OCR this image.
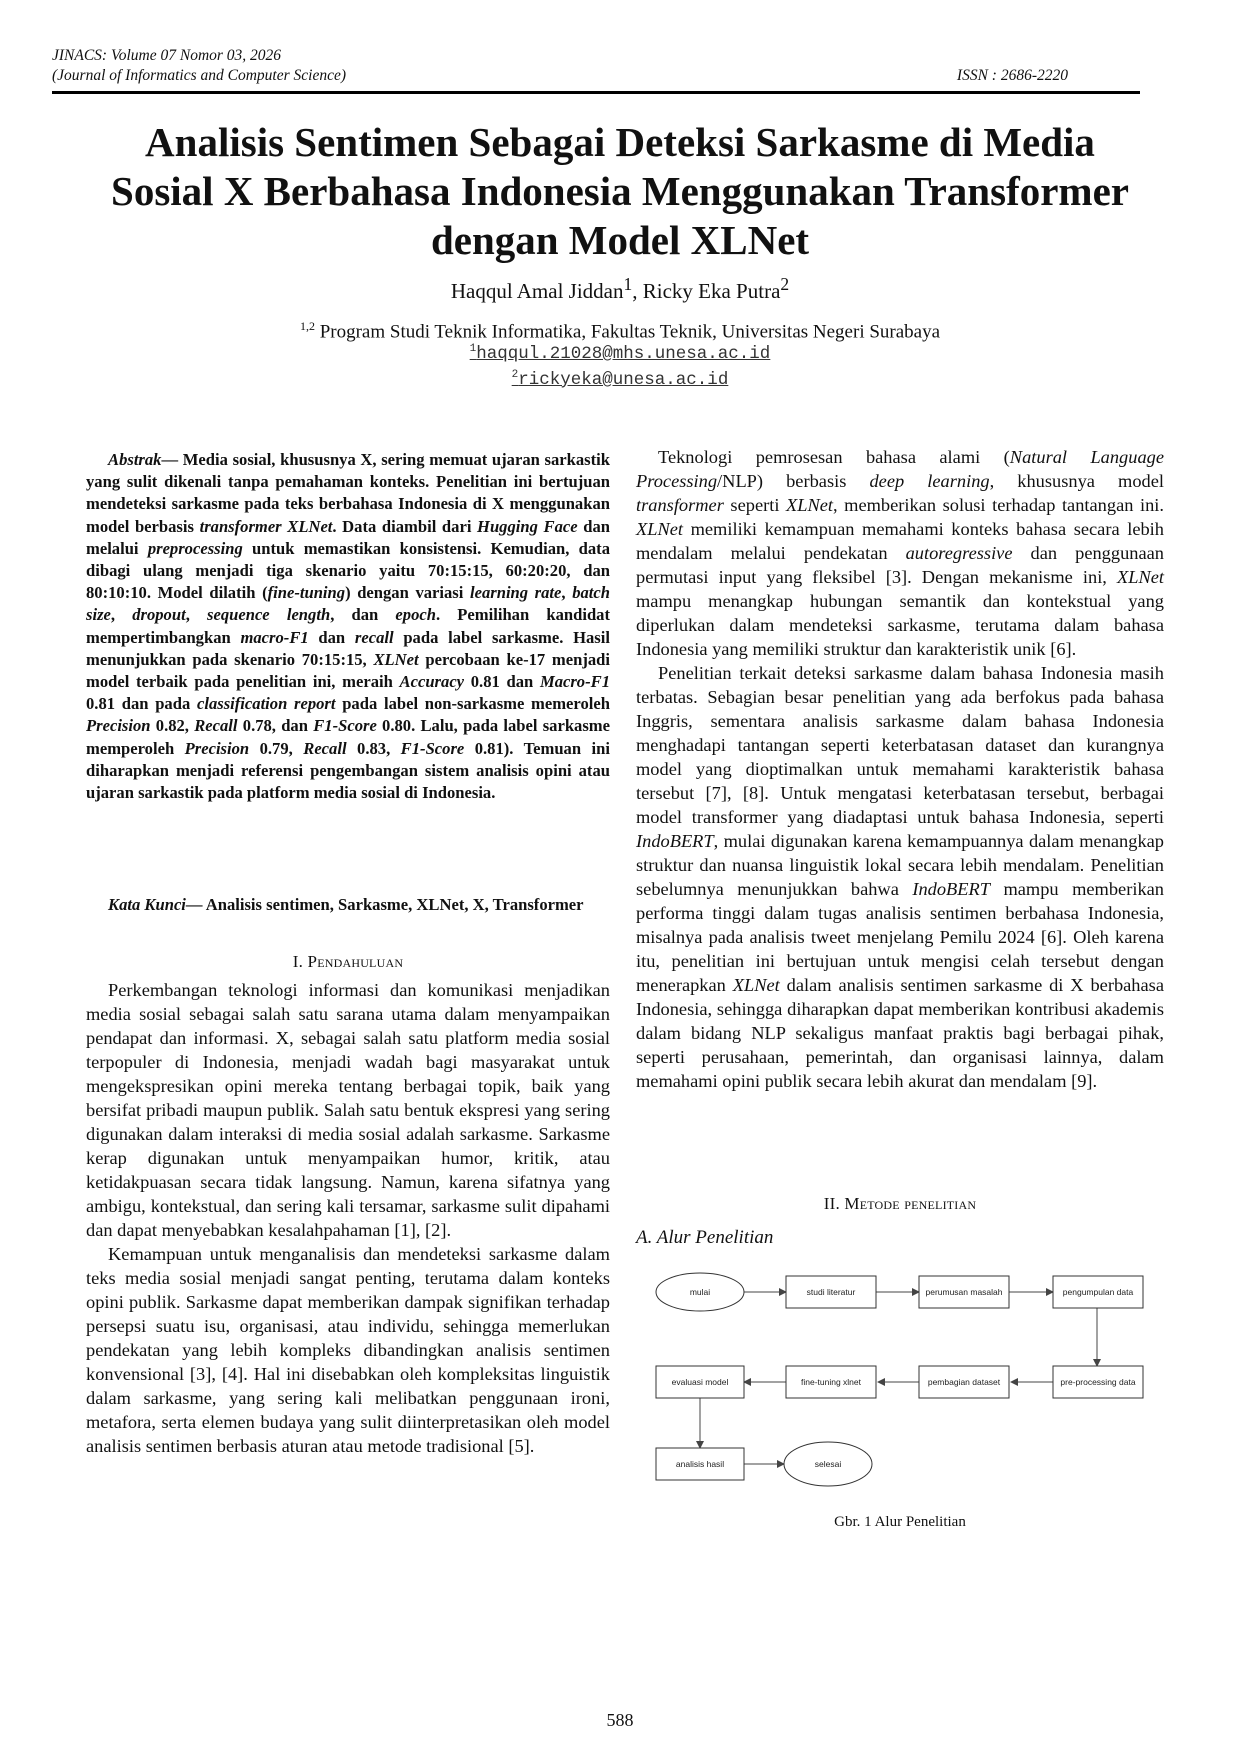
JINACS: Volume 07 Nomor 03, 2026
(Journal of Informatics and Computer Science)	ISSN : 2686-2220
Analisis Sentimen Sebagai Deteksi Sarkasme di Media
Sosial X Berbahasa Indonesia Menggunakan Transformer
dengan Model XLNet
Haqqul Amal Jiddan$^1$, Ricky Eka Putra$^2$
$^{1,2}$ Program Studi Teknik Informatika, Fakultas Teknik, Universitas Negeri Surabaya
$^1$haqqul.21028@mhs.unesa.ac.id
$^2$rickyeka@unesa.ac.id

Abstrak— Media sosial, khususnya X, sering memuat ujaran sarkastik yang sulit dikenali tanpa pemahaman konteks. Penelitian ini bertujuan mendeteksi sarkasme pada teks berbahasa Indonesia di X menggunakan model berbasis transformer XLNet. Data diambil dari Hugging Face dan melalui preprocessing untuk memastikan konsistensi. Kemudian, data dibagi ulang menjadi tiga skenario yaitu 70:15:15, 60:20:20, dan 80:10:10. Model dilatih (fine-tuning) dengan variasi learning rate, batch size, dropout, sequence length, dan epoch. Pemilihan kandidat mempertimbangkan macro-F1 dan recall pada label sarkasme. Hasil menunjukkan pada skenario 70:15:15, XLNet percobaan ke-17 menjadi model terbaik pada penelitian ini, meraih Accuracy 0.81 dan Macro-F1 0.81 dan pada classification report pada label non-sarkasme memeroleh Precision 0.82, Recall 0.78, dan F1-Score 0.80. Lalu, pada label sarkasme memperoleh Precision 0.79, Recall 0.83, F1-Score 0.81). Temuan ini diharapkan menjadi referensi pengembangan sistem analisis opini atau ujaran sarkastik pada platform media sosial di Indonesia.

Kata Kunci— Analisis sentimen, Sarkasme, XLNet, X, Transformer

I. Pendahuluan

Perkembangan teknologi informasi dan komunikasi menjadikan media sosial sebagai salah satu sarana utama dalam menyampaikan pendapat dan informasi. X, sebagai salah satu platform media sosial terpopuler di Indonesia, menjadi wadah bagi masyarakat untuk mengekspresikan opini mereka tentang berbagai topik, baik yang bersifat pribadi maupun publik. Salah satu bentuk ekspresi yang sering digunakan dalam interaksi di media sosial adalah sarkasme. Sarkasme kerap digunakan untuk menyampaikan humor, kritik, atau ketidakpuasan secara tidak langsung. Namun, karena sifatnya yang ambigu, kontekstual, dan sering kali tersamar, sarkasme sulit dipahami dan dapat menyebabkan kesalahpahaman [1], [2].

Kemampuan untuk menganalisis dan mendeteksi sarkasme dalam teks media sosial menjadi sangat penting, terutama dalam konteks opini publik. Sarkasme dapat memberikan dampak signifikan terhadap persepsi suatu isu, organisasi, atau individu, sehingga memerlukan pendekatan yang lebih kompleks dibandingkan analisis sentimen konvensional [3], [4]. Hal ini disebabkan oleh kompleksitas linguistik dalam sarkasme, yang sering kali melibatkan penggunaan ironi, metafora, serta elemen budaya yang sulit diinterpretasikan oleh model analisis sentimen berbasis aturan atau metode tradisional [5].

Teknologi pemrosesan bahasa alami (Natural Language Processing/NLP) berbasis deep learning, khususnya model transformer seperti XLNet, memberikan solusi terhadap tantangan ini. XLNet memiliki kemampuan memahami konteks bahasa secara lebih mendalam melalui pendekatan autoregressive dan penggunaan permutasi input yang fleksibel [3]. Dengan mekanisme ini, XLNet mampu menangkap hubungan semantik dan kontekstual yang diperlukan dalam mendeteksi sarkasme, terutama dalam bahasa Indonesia yang memiliki struktur dan karakteristik unik [6].

Penelitian terkait deteksi sarkasme dalam bahasa Indonesia masih terbatas. Sebagian besar penelitian yang ada berfokus pada bahasa Inggris, sementara analisis sarkasme dalam bahasa Indonesia menghadapi tantangan seperti keterbatasan dataset dan kurangnya model yang dioptimalkan untuk memahami karakteristik bahasa tersebut [7], [8]. Untuk mengatasi keterbatasan tersebut, berbagai model transformer yang diadaptasi untuk bahasa Indonesia, seperti IndoBERT, mulai digunakan karena kemampuannya dalam menangkap struktur dan nuansa linguistik lokal secara lebih mendalam. Penelitian sebelumnya menunjukkan bahwa IndoBERT mampu memberikan performa tinggi dalam tugas analisis sentimen berbahasa Indonesia, misalnya pada analisis tweet menjelang Pemilu 2024 [6]. Oleh karena itu, penelitian ini bertujuan untuk mengisi celah tersebut dengan menerapkan XLNet dalam analisis sentimen sarkasme di X berbahasa Indonesia, sehingga diharapkan dapat memberikan kontribusi akademis dalam bidang NLP sekaligus manfaat praktis bagi berbagai pihak, seperti perusahaan, pemerintah, dan organisasi lainnya, dalam memahami opini publik secara lebih akurat dan mendalam [9].

II. Metode penelitian
A. Alur Penelitian
mulai	studi literatur	perumusan masalah	pengumpulan data
pre-processing data
pembagian dataset
fine-tuning xlnet
evaluasi model
analisis hasil	selesai
Gbr. 1 Alur Penelitian
588
